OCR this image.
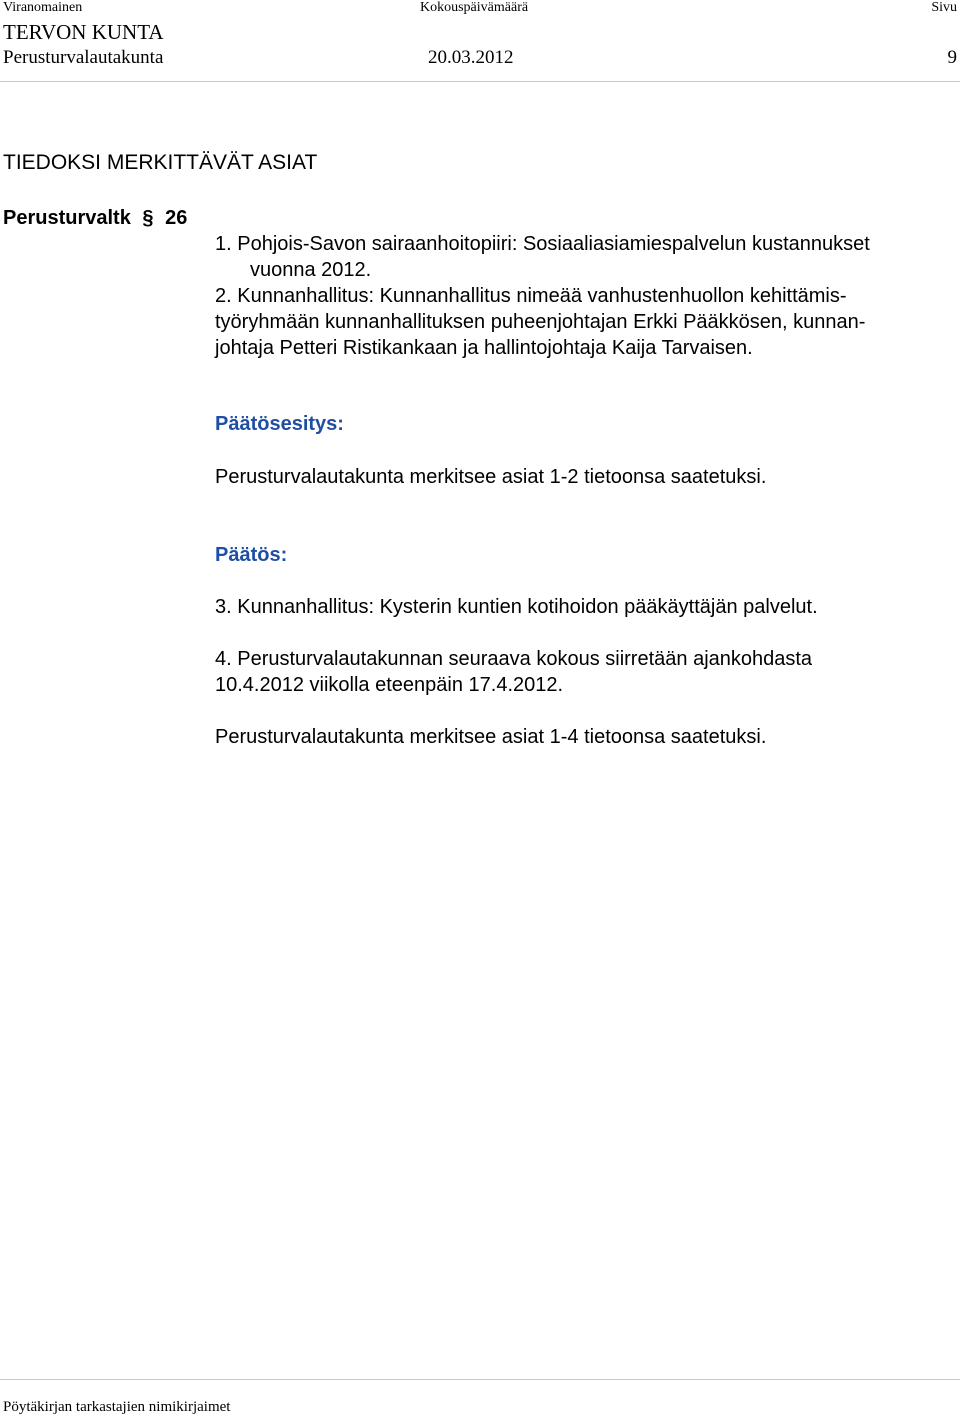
Viranomainen	Kokouspäivämäärä	Sivu
TERVON KUNTA
Perusturvalautakunta	20.03.2012	9
TIEDOKSI MERKITTÄVÄT ASIAT
Perusturvaltk § 26
1. Pohjois-Savon sairaanhoitopiiri: Sosiaaliasiamiespalvelun kustannukset
vuonna 2012.
2. Kunnanhallitus: Kunnanhallitus nimeää vanhustenhuollon kehittämis-
työryhmään kunnanhallituksen puheenjohtajan Erkki Pääkkösen, kunnan-
johtaja Petteri Ristikankaan ja hallintojohtaja Kaija Tarvaisen.
Päätösesitys:
Perusturvalautakunta merkitsee asiat 1-2 tietoonsa saatetuksi.
Päätös:
3. Kunnanhallitus: Kysterin kuntien kotihoidon pääkäyttäjän palvelut.
4. Perusturvalautakunnan seuraava kokous siirretään ajankohdasta
10.4.2012 viikolla eteenpäin 17.4.2012.
Perusturvalautakunta merkitsee asiat 1-4 tietoonsa saatetuksi.
Pöytäkirjan tarkastajien nimikirjaimet
